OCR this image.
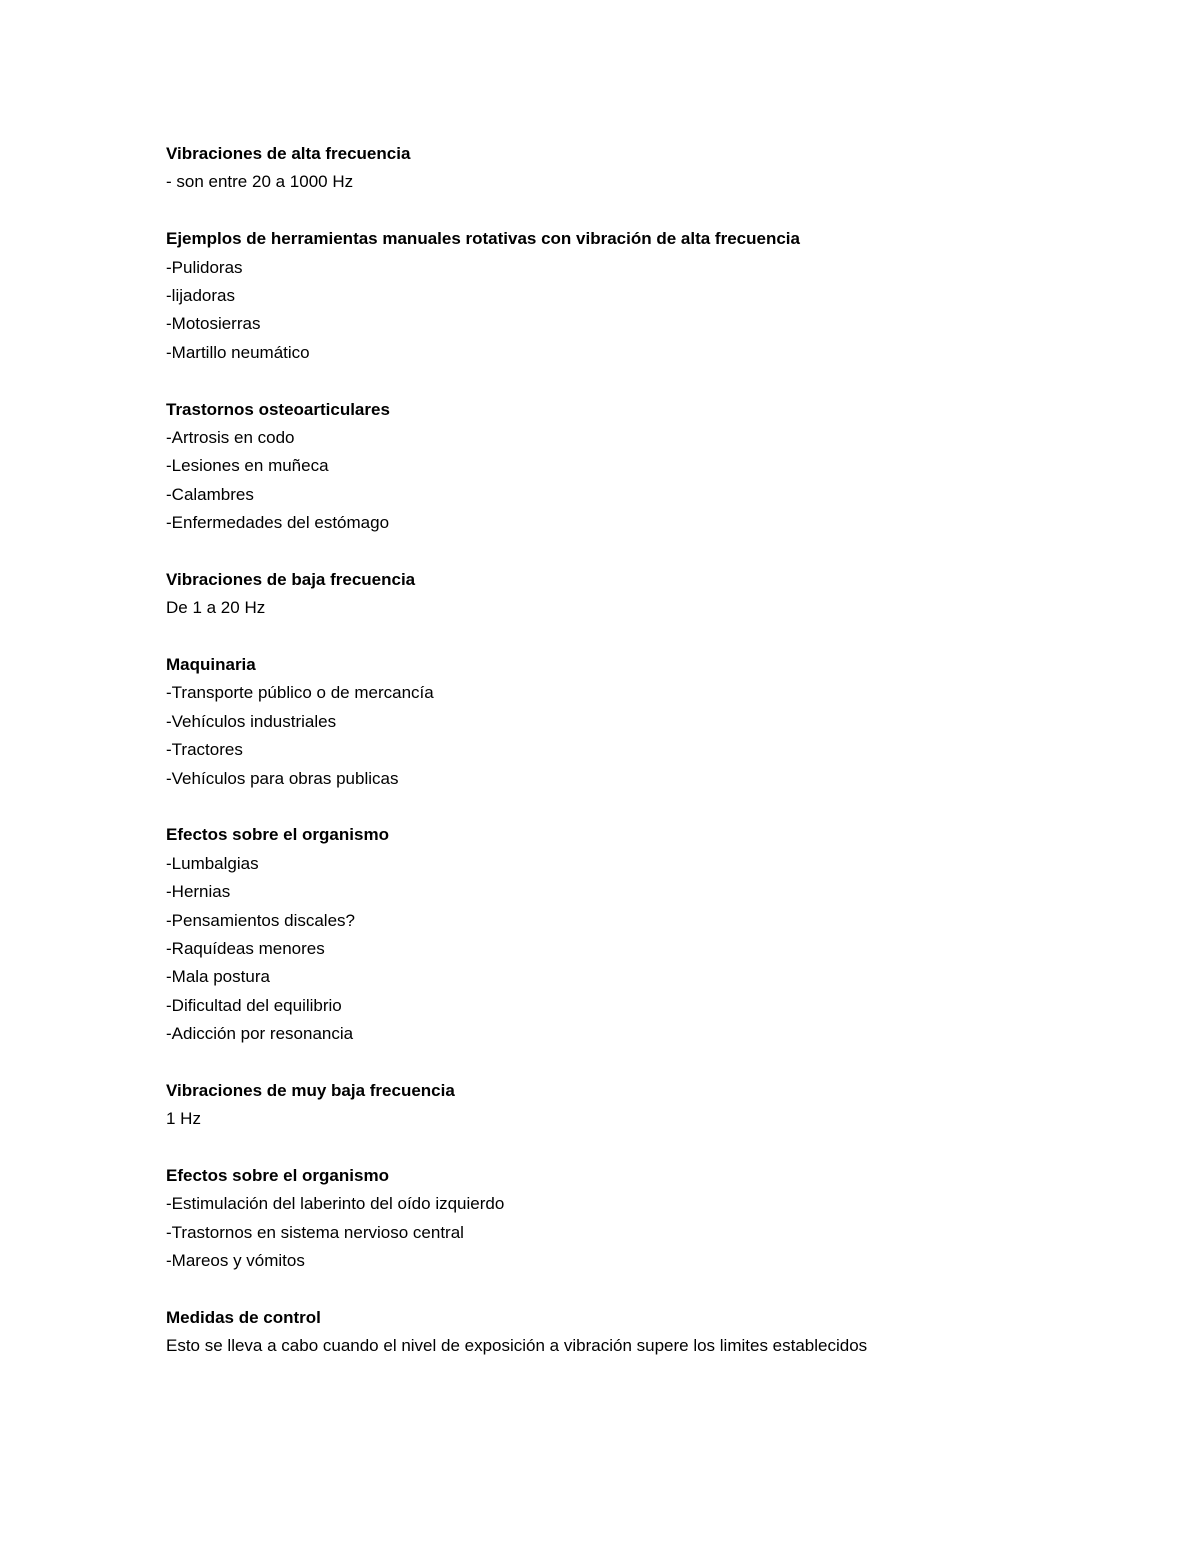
Vibraciones de alta frecuencia
- son entre 20 a 1000 Hz
Ejemplos de herramientas manuales rotativas con vibración de alta frecuencia
-Pulidoras
-lijadoras
-Motosierras
-Martillo neumático
Trastornos osteoarticulares
-Artrosis en codo
-Lesiones en muñeca
-Calambres
-Enfermedades del estómago
Vibraciones de baja frecuencia
De 1 a 20 Hz
Maquinaria
-Transporte público o de mercancía
-Vehículos industriales
-Tractores
-Vehículos para obras publicas
Efectos sobre el organismo
-Lumbalgias
-Hernias
-Pensamientos discales?
-Raquídeas menores
-Mala postura
-Dificultad del equilibrio
-Adicción por resonancia
Vibraciones de muy baja frecuencia
1 Hz
Efectos sobre el organismo
-Estimulación del laberinto del oído izquierdo
-Trastornos en sistema nervioso central
-Mareos y vómitos
Medidas de control
Esto se lleva a cabo cuando el nivel de exposición a vibración supere los limites establecidos
